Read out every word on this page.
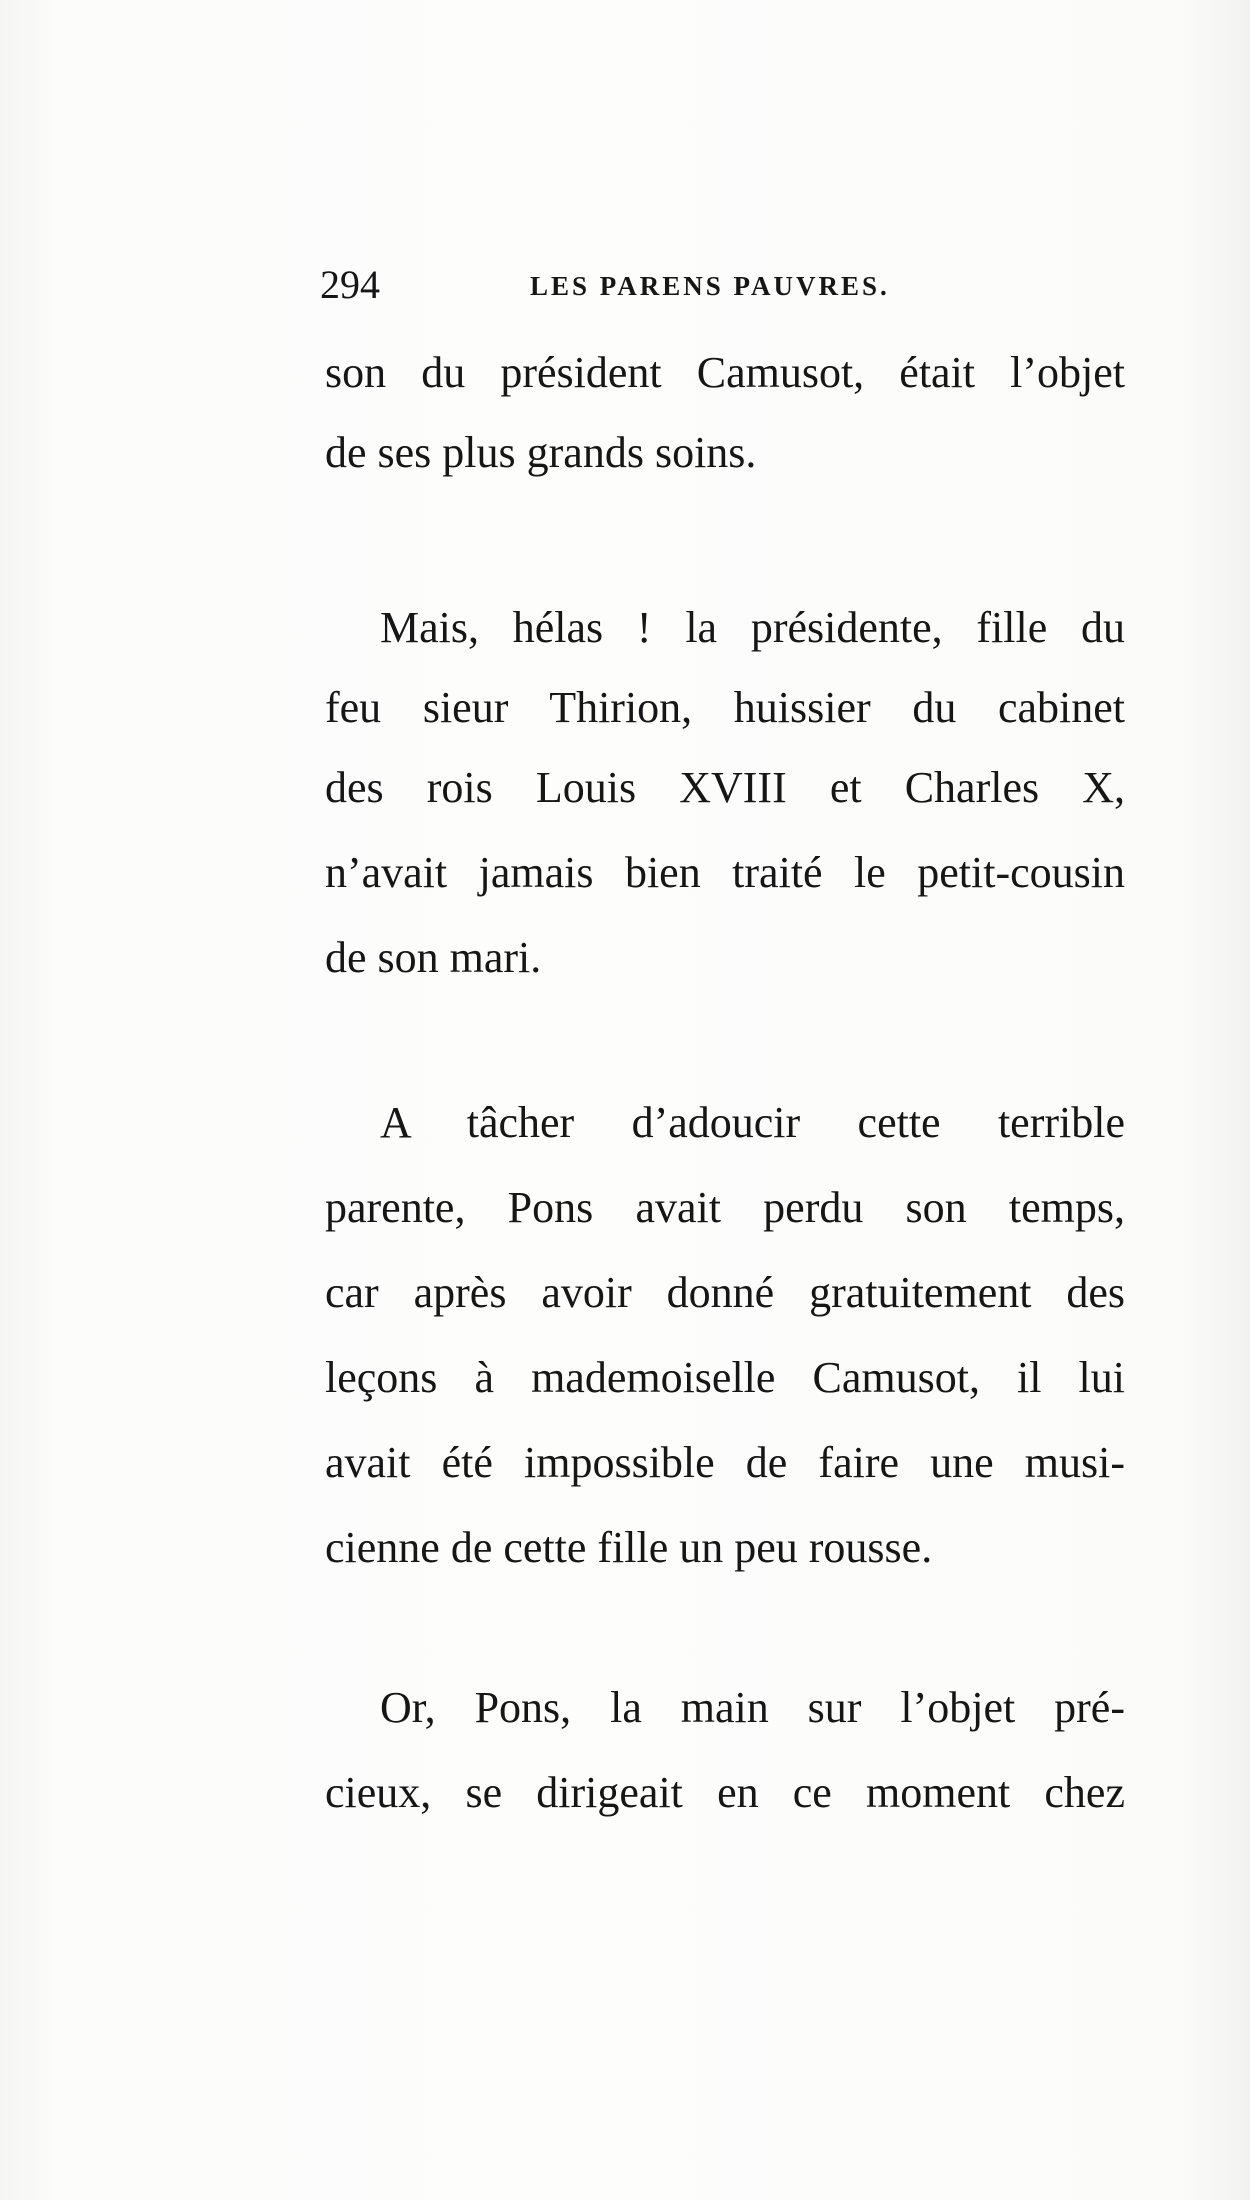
294	LES PARENS PAUVRES.
son du président Camusot, était l’objet
de ses plus grands soins.
Mais, hélas ! la présidente, fille du
feu sieur Thirion, huissier du cabinet
des rois Louis XVIII et Charles X,
n’avait jamais bien traité le petit-cousin
de son mari.
A tâcher d’adoucir cette terrible
parente, Pons avait perdu son temps,
car après avoir donné gratuitement des
leçons à mademoiselle Camusot, il lui
avait été impossible de faire une musi-
cienne de cette fille un peu rousse.
Or, Pons, la main sur l’objet pré-
cieux, se dirigeait en ce moment chez
